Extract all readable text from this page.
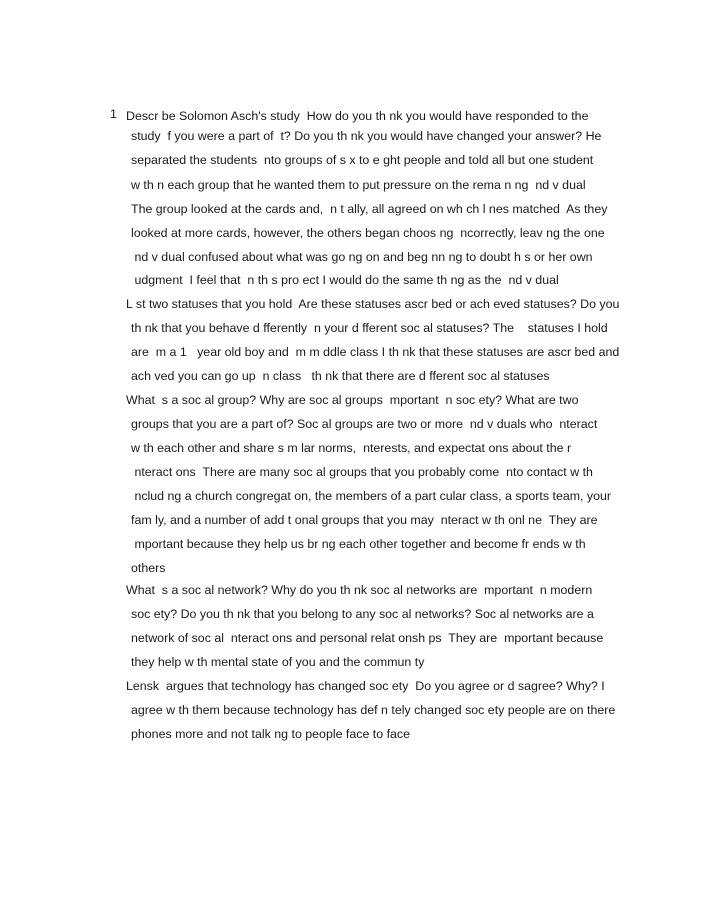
1 Descr be Solomon Asch's study  How do you th nk you would have responded to the
study  f you were a part of  t? Do you th nk you would have changed your answer? He
separated the students  nto groups of s x to e ght people and told all but one student
w th n each group that he wanted them to put pressure on the rema n ng  nd v dual
The group looked at the cards and,  n t ally, all agreed on wh ch l nes matched  As they
looked at more cards, however, the others began choos ng  ncorrectly, leav ng the one
nd v dual confused about what was go ng on and beg nn ng to doubt h s or her own
udgment  I feel that  n th s pro ect I would do the same th ng as the  nd v dual
L st two statuses that you hold  Are these statuses ascr bed or ach eved statuses? Do you
th nk that you behave d fferently  n your d fferent soc al statuses? The    statuses I hold
are  m a 1   year old boy and  m m ddle class I th nk that these statuses are ascr bed and
ach ved you can go up  n class   th nk that there are d fferent soc al statuses
What  s a soc al group? Why are soc al groups  mportant  n soc ety? What are two
groups that you are a part of? Soc al groups are two or more  nd v duals who  nteract
w th each other and share s m lar norms,  nterests, and expectat ons about the r
nteract ons  There are many soc al groups that you probably come  nto contact w th
nclud ng a church congregat on, the members of a part cular class, a sports team, your
fam ly, and a number of add t onal groups that you may  nteract w th onl ne  They are
mportant because they help us br ng each other together and become fr ends w th
others
What  s a soc al network? Why do you th nk soc al networks are  mportant  n modern
soc ety? Do you th nk that you belong to any soc al networks? Soc al networks are a
network of soc al  nteract ons and personal relat onsh ps  They are  mportant because
they help w th mental state of you and the commun ty
Lensk  argues that technology has changed soc ety  Do you agree or d sagree? Why? I
agree w th them because technology has def n tely changed soc ety people are on there
phones more and not talk ng to people face to face
